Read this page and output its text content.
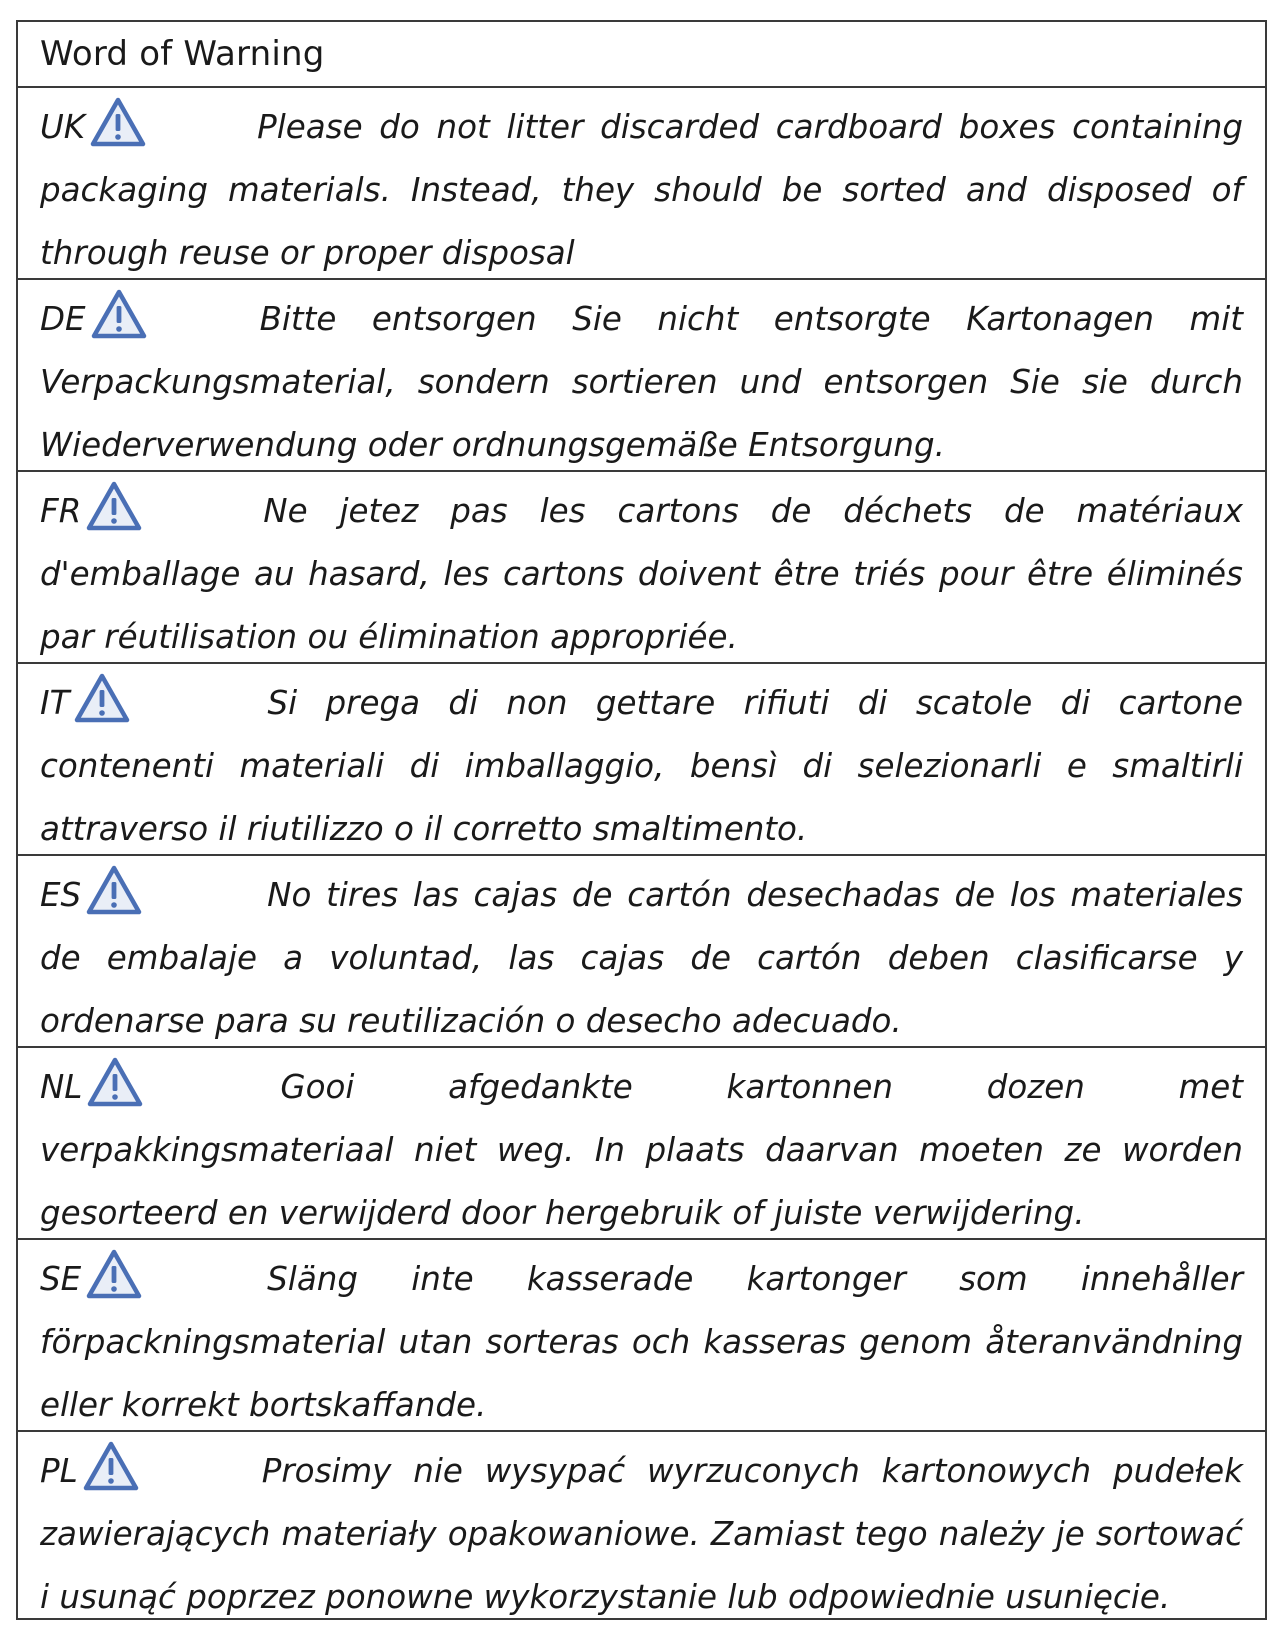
Word of Warning
UK	Please do not litter discarded cardboard boxes containing packaging materials. Instead, they should be sorted and disposed of through reuse or proper disposal
DE	Bitte entsorgen Sie nicht entsorgte Kartonagen mit Verpackungsmaterial, sondern sortieren und entsorgen Sie sie durch Wiederverwendung oder ordnungsgemäße Entsorgung.
FR	Ne jetez pas les cartons de déchets de matériaux d'emballage au hasard, les cartons doivent être triés pour être éliminés par réutilisation ou élimination appropriée.
IT	Si prega di non gettare rifiuti di scatole di cartone contenenti materiali di imballaggio, bensì di selezionarli e smaltirli attraverso il riutilizzo o il corretto smaltimento.
ES	No tires las cajas de cartón desechadas de los materiales de embalaje a voluntad, las cajas de cartón deben clasificarse y ordenarse para su reutilización o desecho adecuado.
NL	Gooi afgedankte kartonnen dozen met verpakkingsmateriaal niet weg. In plaats daarvan moeten ze worden gesorteerd en verwijderd door hergebruik of juiste verwijdering.
SE	Släng inte kasserade kartonger som innehåller förpackningsmaterial utan sorteras och kasseras genom återanvändning eller korrekt bortskaffande.
PL	Prosimy nie wysypać wyrzuconych kartonowych pudełek zawierających materiały opakowaniowe. Zamiast tego należy je sortować i usunąć poprzez ponowne wykorzystanie lub odpowiednie usunięcie.
